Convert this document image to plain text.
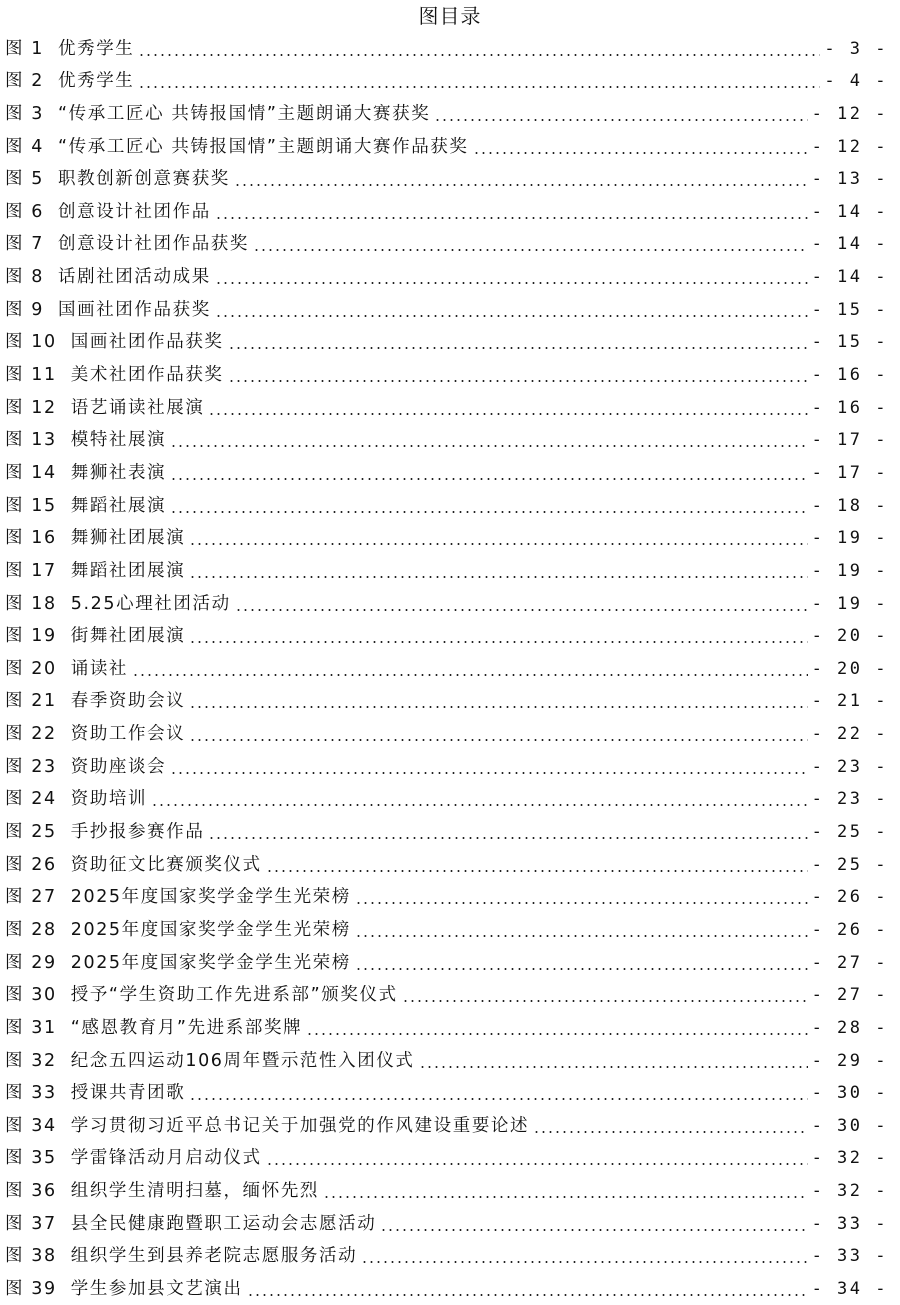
图目录
图 1 优秀学生	- 3 -
图 2 优秀学生	- 4 -
图 3 “传承工匠心 共铸报国情”主题朗诵大赛获奖	- 12 -
图 4 “传承工匠心 共铸报国情”主题朗诵大赛作品获奖	- 12 -
图 5 职教创新创意赛获奖	- 13 -
图 6 创意设计社团作品	- 14 -
图 7 创意设计社团作品获奖	- 14 -
图 8 话剧社团活动成果	- 14 -
图 9 国画社团作品获奖	- 15 -
图 10 国画社团作品获奖	- 15 -
图 11 美术社团作品获奖	- 16 -
图 12 语艺诵读社展演	- 16 -
图 13 模特社展演	- 17 -
图 14 舞狮社表演	- 17 -
图 15 舞蹈社展演	- 18 -
图 16 舞狮社团展演	- 19 -
图 17 舞蹈社团展演	- 19 -
图 18 5.25心理社团活动	- 19 -
图 19 街舞社团展演	- 20 -
图 20 诵读社	- 20 -
图 21 春季资助会议	- 21 -
图 22 资助工作会议	- 22 -
图 23 资助座谈会	- 23 -
图 24 资助培训	- 23 -
图 25 手抄报参赛作品	- 25 -
图 26 资助征文比赛颁奖仪式	- 25 -
图 27 2025年度国家奖学金学生光荣榜	- 26 -
图 28 2025年度国家奖学金学生光荣榜	- 26 -
图 29 2025年度国家奖学金学生光荣榜	- 27 -
图 30 授予“学生资助工作先进系部”颁奖仪式	- 27 -
图 31 “感恩教育月”先进系部奖牌	- 28 -
图 32 纪念五四运动106周年暨示范性入团仪式	- 29 -
图 33 授课共青团歌	- 30 -
图 34 学习贯彻习近平总书记关于加强党的作风建设重要论述	- 30 -
图 35 学雷锋活动月启动仪式	- 32 -
图 36 组织学生清明扫墓，缅怀先烈	- 32 -
图 37 县全民健康跑暨职工运动会志愿活动	- 33 -
图 38 组织学生到县养老院志愿服务活动	- 33 -
图 39 学生参加县文艺演出	- 34 -
